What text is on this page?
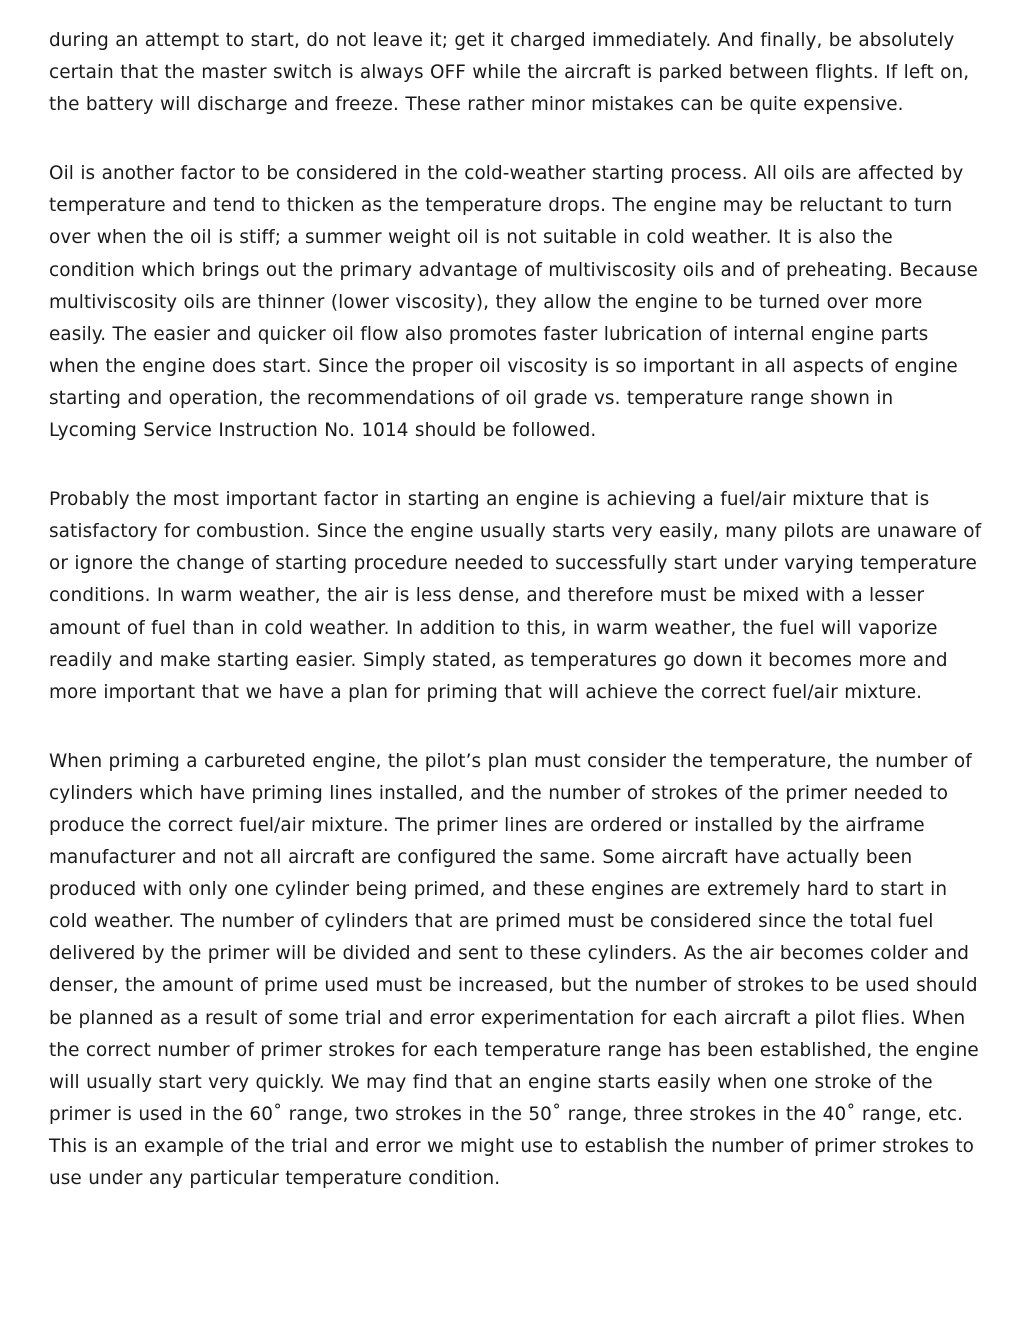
during an attempt to start, do not leave it; get it charged immediately. And finally, be absolutely certain that the master switch is always OFF while the aircraft is parked between flights. If left on, the battery will discharge and freeze. These rather minor mistakes can be quite expensive.

Oil is another factor to be considered in the cold-weather starting process. All oils are affected by temperature and tend to thicken as the temperature drops. The engine may be reluctant to turn over when the oil is stiff; a summer weight oil is not suitable in cold weather. It is also the condition which brings out the primary advantage of multiviscosity oils and of preheating. Because multiviscosity oils are thinner (lower viscosity), they allow the engine to be turned over more easily. The easier and quicker oil flow also promotes faster lubrication of internal engine parts when the engine does start. Since the proper oil viscosity is so important in all aspects of engine starting and operation, the recommendations of oil grade vs. temperature range shown in Lycoming Service Instruction No. 1014 should be followed.

Probably the most important factor in starting an engine is achieving a fuel/air mixture that is satisfactory for combustion. Since the engine usually starts very easily, many pilots are unaware of or ignore the change of starting procedure needed to successfully start under varying temperature conditions. In warm weather, the air is less dense, and therefore must be mixed with a lesser amount of fuel than in cold weather. In addition to this, in warm weather, the fuel will vaporize readily and make starting easier. Simply stated, as temperatures go down it becomes more and more important that we have a plan for priming that will achieve the correct fuel/air mixture.

When priming a carbureted engine, the pilot’s plan must consider the temperature, the number of cylinders which have priming lines installed, and the number of strokes of the primer needed to produce the correct fuel/air mixture. The primer lines are ordered or installed by the airframe manufacturer and not all aircraft are configured the same. Some aircraft have actually been produced with only one cylinder being primed, and these engines are extremely hard to start in cold weather. The number of cylinders that are primed must be considered since the total fuel delivered by the primer will be divided and sent to these cylinders. As the air becomes colder and denser, the amount of prime used must be increased, but the number of strokes to be used should be planned as a result of some trial and error experimentation for each aircraft a pilot flies. When the correct number of primer strokes for each temperature range has been established, the engine will usually start very quickly. We may find that an engine starts easily when one stroke of the primer is used in the 60˚ range, two strokes in the 50˚ range, three strokes in the 40˚ range, etc. This is an example of the trial and error we might use to establish the number of primer strokes to use under any particular temperature condition.
